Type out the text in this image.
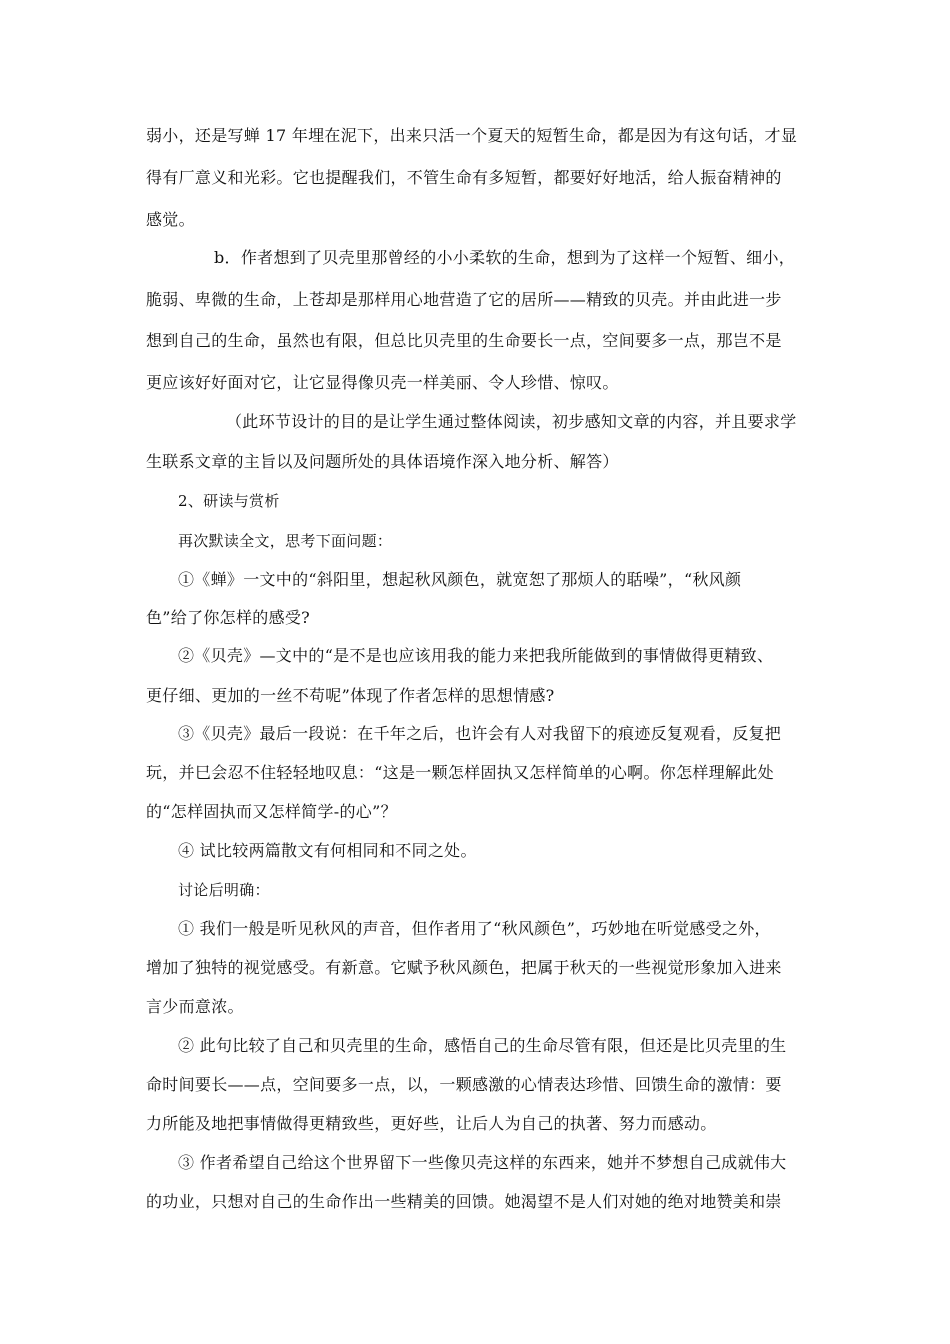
弱小，还是写蝉 17 年埋在泥下，出来只活一个夏天的短暂生命，都是因为有这句话，才显
得有厂意义和光彩。它也提醒我们，不管生命有多短暂，都要好好地活，给人振奋精神的
感觉。
b．作者想到了贝壳里那曾经的小小柔软的生命，想到为了这样一个短暂、细小，
脆弱、卑微的生命，上苍却是那样用心地营造了它的居所——精致的贝壳。并由此进一步
想到自己的生命，虽然也有限，但总比贝壳里的生命要长一点，空间要多一点，那岂不是
更应该好好面对它，让它显得像贝壳一样美丽、令人珍惜、惊叹。
（此环节设计的目的是让学生通过整体阅读，初步感知文章的内容，并且要求学
生联系文章的主旨以及问题所处的具体语境作深入地分析、解答）
2、研读与赏析
再次默读全文，思考下面问题：
①《蝉》一文中的“斜阳里，想起秋风颜色，就宽恕了那烦人的聒噪”，“秋风颜
色”给了你怎样的感受?
②《贝壳》—文中的“是不是也应该用我的能力来把我所能做到的事情做得更精致、
更仔细、更加的一丝不苟呢”体现了作者怎样的思想情感?
③《贝壳》最后一段说：在千年之后，也许会有人对我留下的痕迹反复观看，反复把
玩，并巳会忍不住轻轻地叹息：“这是一颗怎样固执又怎样简单的心啊。你怎样理解此处
的“怎样固执而又怎样简学-的心”？
④ 试比较两篇散文有何相同和不同之处。
讨论后明确：
① 我们一般是听见秋风的声音，但作者用了“秋风颜色”，巧妙地在听觉感受之外，
增加了独特的视觉感受。有新意。它赋予秋风颜色，把属于秋天的一些视觉形象加入进来
言少而意浓。
② 此句比较了自己和贝壳里的生命，感悟自己的生命尽管有限，但还是比贝壳里的生
命时间要长——点，空间要多一点，以，一颗感激的心情表达珍惜、回馈生命的激情：要
力所能及地把事情做得更精致些，更好些，让后人为自己的执著、努力而感动。
③ 作者希望自己给这个世界留下一些像贝壳这样的东西来，她并不梦想自己成就伟大
的功业，只想对自己的生命作出一些精美的回馈。她渴望不是人们对她的绝对地赞美和崇
